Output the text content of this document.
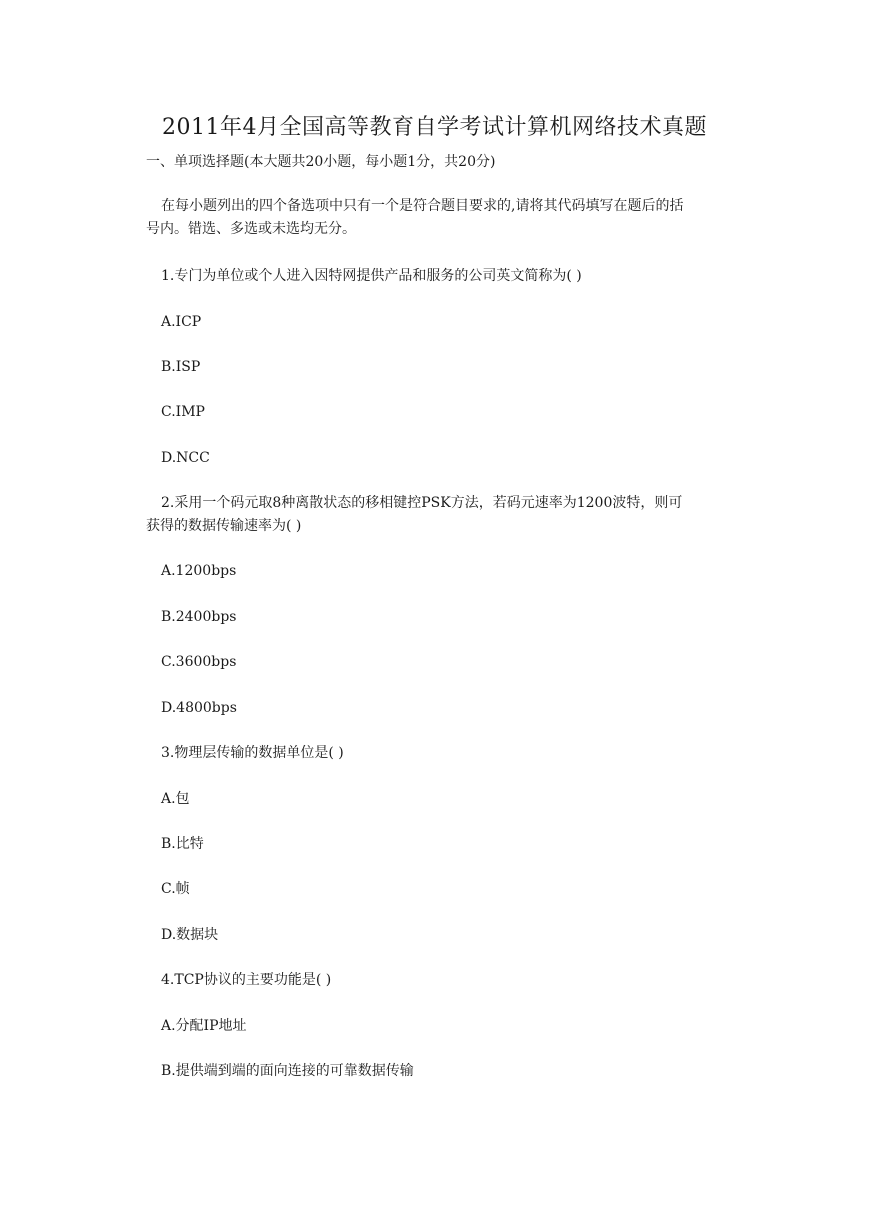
2011年4月全国高等教育自学考试计算机网络技术真题
一、单项选择题(本大题共20小题，每小题1分，共20分)
在每小题列出的四个备选项中只有一个是符合题目要求的,请将其代码填写在题后的括
号内。错选、多选或未选均无分。
1.专门为单位或个人进入因特网提供产品和服务的公司英文简称为( )
A.ICP
B.ISP
C.IMP
D.NCC
2.采用一个码元取8种离散状态的移相键控PSK方法，若码元速率为1200波特，则可
获得的数据传输速率为( )
A.1200bps
B.2400bps
C.3600bps
D.4800bps
3.物理层传输的数据单位是( )
A.包
B.比特
C.帧
D.数据块
4.TCP协议的主要功能是( )
A.分配IP地址
B.提供端到端的面向连接的可靠数据传输
